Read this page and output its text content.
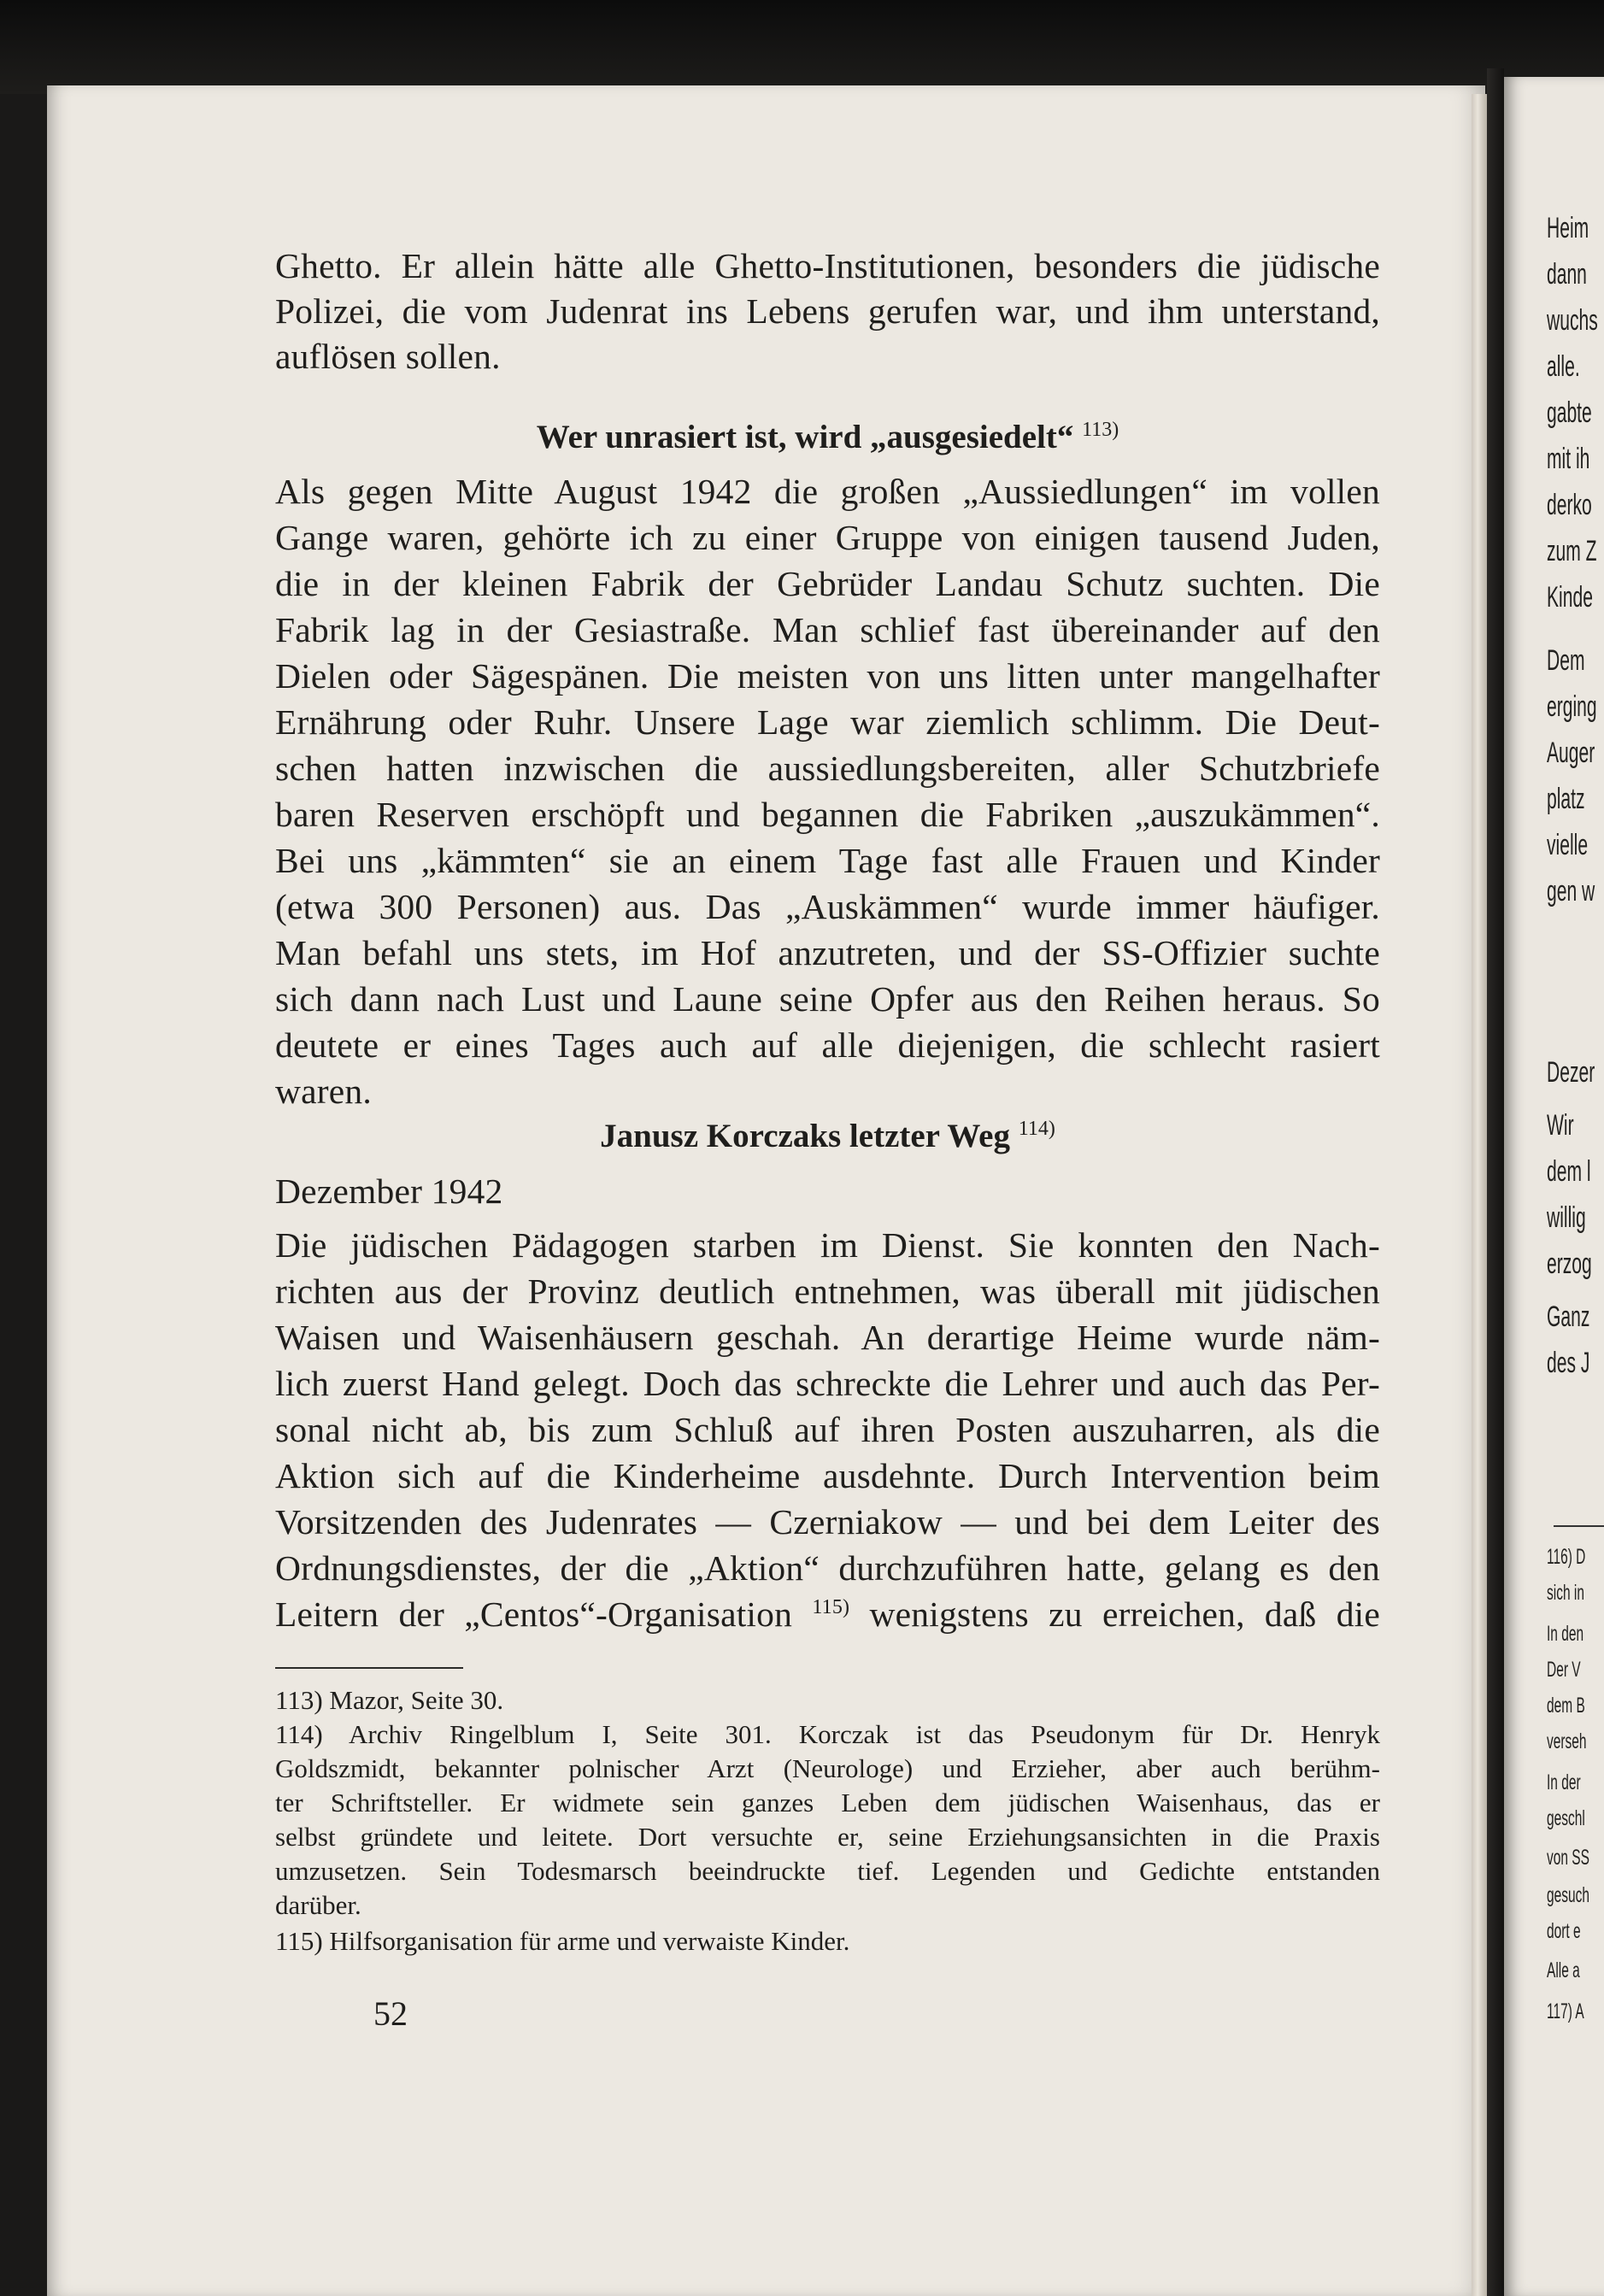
Heim
dann
wuchs
alle.
gabte
mit ih
derko
zum Z
Kinde
Dem
erging
Auger
platz
vielle
gen w
Dezer
Wir
dem l
willig
erzog
Ganz
des J
116) D
sich in
In den
Der V
dem B
verseh
In der
geschl
von SS
gesuch
dort e
Alle a
117) A
Ghetto. Er allein hätte alle Ghetto-Institutionen, besonders die jüdische
Polizei, die vom Judenrat ins Lebens gerufen war, und ihm unterstand,
auflösen sollen.
Wer unrasiert ist, wird „ausgesiedelt“ $^{113)}$
Als gegen Mitte August 1942 die großen „Aussiedlungen“ im vollen
Gange waren, gehörte ich zu einer Gruppe von einigen tausend Juden,
die in der kleinen Fabrik der Gebrüder Landau Schutz suchten. Die
Fabrik lag in der Gesiastraße. Man schlief fast übereinander auf den
Dielen oder Sägespänen. Die meisten von uns litten unter mangelhafter
Ernährung oder Ruhr. Unsere Lage war ziemlich schlimm. Die Deut-
schen hatten inzwischen die aussiedlungsbereiten, aller Schutzbriefe
baren Reserven erschöpft und begannen die Fabriken „auszukämmen“.
Bei uns „kämmten“ sie an einem Tage fast alle Frauen und Kinder
(etwa 300 Personen) aus. Das „Auskämmen“ wurde immer häufiger.
Man befahl uns stets, im Hof anzutreten, und der SS-Offizier suchte
sich dann nach Lust und Laune seine Opfer aus den Reihen heraus. So
deutete er eines Tages auch auf alle diejenigen, die schlecht rasiert
waren.
Janusz Korczaks letzter Weg $^{114)}$
Dezember 1942
Die jüdischen Pädagogen starben im Dienst. Sie konnten den Nach-
richten aus der Provinz deutlich entnehmen, was überall mit jüdischen
Waisen und Waisenhäusern geschah. An derartige Heime wurde näm-
lich zuerst Hand gelegt. Doch das schreckte die Lehrer und auch das Per-
sonal nicht ab, bis zum Schluß auf ihren Posten auszuharren, als die
Aktion sich auf die Kinderheime ausdehnte. Durch Intervention beim
Vorsitzenden des Judenrates — Czerniakow — und bei dem Leiter des
Ordnungsdienstes, der die „Aktion“ durchzuführen hatte, gelang es den
Leitern der „Centos“-Organisation $^{115)}$ wenigstens zu erreichen, daß die
113) Mazor, Seite 30.
114) Archiv Ringelblum I, Seite 301. Korczak ist das Pseudonym für Dr. Henryk
Goldszmidt, bekannter polnischer Arzt (Neurologe) und Erzieher, aber auch berühm-
ter Schriftsteller. Er widmete sein ganzes Leben dem jüdischen Waisenhaus, das er
selbst gründete und leitete. Dort versuchte er, seine Erziehungsansichten in die Praxis
umzusetzen. Sein Todesmarsch beeindruckte tief. Legenden und Gedichte entstanden
darüber.
115) Hilfsorganisation für arme und verwaiste Kinder.
52
